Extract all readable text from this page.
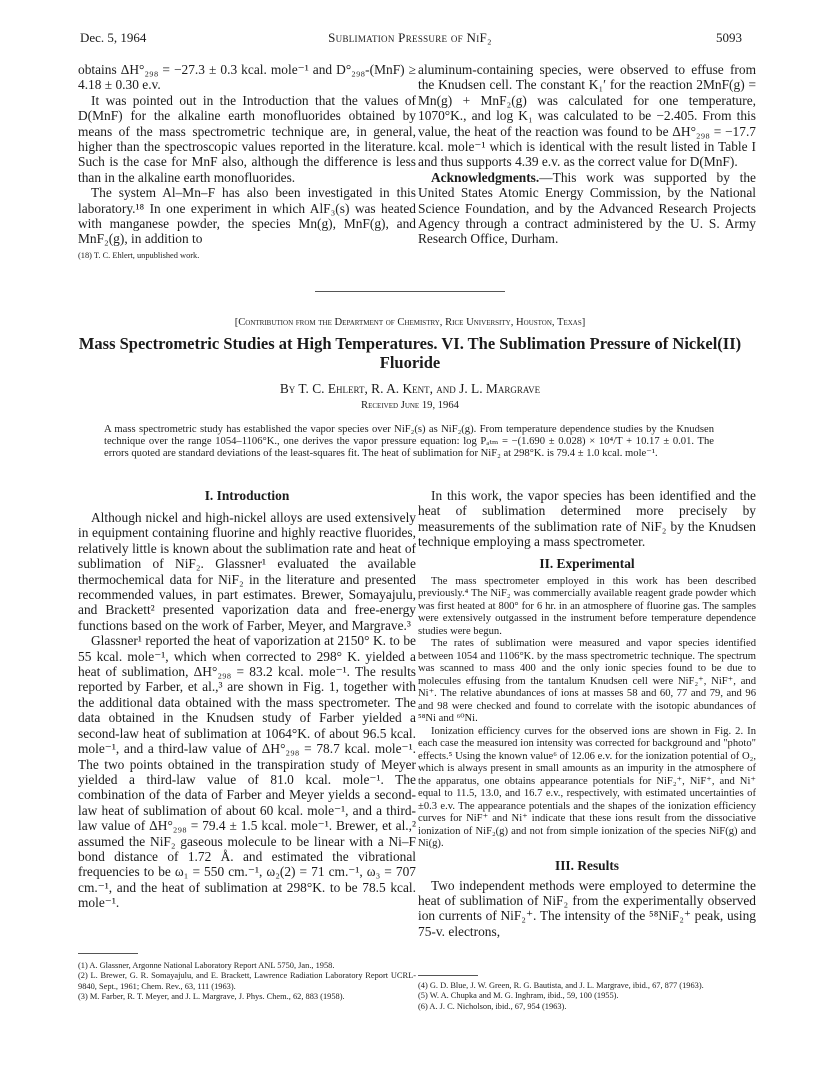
Dec. 5, 1964	Sublimation Pressure of NiF₂	5093

obtains ΔH°₂₉₈ = −27.3 ± 0.3 kcal. mole⁻¹ and D°₂₉₈-(MnF) ≥ 4.18 ± 0.30 e.v.

It was pointed out in the Introduction that the values of D(MnF) for the alkaline earth monofluorides obtained by means of the mass spectrometric technique are, in general, higher than the spectroscopic values reported in the literature. Such is the case for MnF also, although the difference is less than in the alkaline earth monofluorides.

The system Al–Mn–F has also been investigated in this laboratory.¹⁸ In one experiment in which AlF₃(s) was heated with manganese powder, the species Mn(g), MnF(g), and MnF₂(g), in addition to

(18) T. C. Ehlert, unpublished work.

aluminum-containing species, were observed to effuse from the Knudsen cell. The constant K₁′ for the reaction 2MnF(g) = Mn(g) + MnF₂(g) was calculated for one temperature, 1070°K., and log K₁ was calculated to be −2.405. From this value, the heat of the reaction was found to be ΔH°₂₉₈ = −17.7 kcal. mole⁻¹ which is identical with the result listed in Table I and thus supports 4.39 e.v. as the correct value for D(MnF).

Acknowledgments.—This work was supported by the United States Atomic Energy Commission, by the National Science Foundation, and by the Advanced Research Projects Agency through a contract administered by the U. S. Army Research Office, Durham.

[Contribution from the Department of Chemistry, Rice University, Houston, Texas]
Mass Spectrometric Studies at High Temperatures. VI. The Sublimation Pressure of Nickel(II) Fluoride
By T. C. Ehlert, R. A. Kent, and J. L. Margrave
Received June 19, 1964
A mass spectrometric study has established the vapor species over NiF₂(s) as NiF₂(g). From temperature dependence studies by the Knudsen technique over the range 1054–1106°K., one derives the vapor pressure equation: log Pₐₜₘ = −(1.690 ± 0.028) × 10⁴/T + 10.17 ± 0.01. The errors quoted are standard deviations of the least-squares fit. The heat of sublimation for NiF₂ at 298°K. is 79.4 ± 1.0 kcal. mole⁻¹.
I. Introduction

Although nickel and high-nickel alloys are used extensively in equipment containing fluorine and highly reactive fluorides, relatively little is known about the sublimation rate and heat of sublimation of NiF₂. Glassner¹ evaluated the available thermochemical data for NiF₂ in the literature and presented recommended values, in part estimates. Brewer, Somayajulu, and Brackett² presented vaporization data and free-energy functions based on the work of Farber, Meyer, and Margrave.³

Glassner¹ reported the heat of vaporization at 2150° K. to be 55 kcal. mole⁻¹, which when corrected to 298° K. yielded a heat of sublimation, ΔH°₂₉₈ = 83.2 kcal. mole⁻¹. The results reported by Farber, et al.,³ are shown in Fig. 1, together with the additional data obtained with the mass spectrometer. The data obtained in the Knudsen study of Farber yielded a second-law heat of sublimation at 1064°K. of about 96.5 kcal. mole⁻¹, and a third-law value of ΔH°₂₉₈ = 78.7 kcal. mole⁻¹. The two points obtained in the transpiration study of Meyer yielded a third-law value of 81.0 kcal. mole⁻¹. The combination of the data of Farber and Meyer yields a second-law heat of sublimation of about 60 kcal. mole⁻¹, and a third-law value of ΔH°₂₉₈ = 79.4 ± 1.5 kcal. mole⁻¹. Brewer, et al.,² assumed the NiF₂ gaseous molecule to be linear with a Ni–F bond distance of 1.72 Å. and estimated the vibrational frequencies to be ω₁ = 550 cm.⁻¹, ω₂(2) = 71 cm.⁻¹, ω₃ = 707 cm.⁻¹, and the heat of sublimation at 298°K. to be 78.5 kcal. mole⁻¹.

(1) A. Glassner, Argonne National Laboratory Report ANL 5750, Jan., 1958.

(2) L. Brewer, G. R. Somayajulu, and E. Brackett, Lawrence Radiation Laboratory Report UCRL-9840, Sept., 1961; Chem. Rev., 63, 111 (1963).

(3) M. Farber, R. T. Meyer, and J. L. Margrave, J. Phys. Chem., 62, 883 (1958).

In this work, the vapor species has been identified and the heat of sublimation determined more precisely by measurements of the sublimation rate of NiF₂ by the Knudsen technique employing a mass spectrometer.

II. Experimental

The mass spectrometer employed in this work has been described previously.⁴ The NiF₂ was commercially available reagent grade powder which was first heated at 800° for 6 hr. in an atmosphere of fluorine gas. The samples were extensively outgassed in the instrument before temperature dependence studies were begun.

The rates of sublimation were measured and vapor species identified between 1054 and 1106°K. by the mass spectrometric technique. The spectrum was scanned to mass 400 and the only ionic species found to be due to molecules effusing from the tantalum Knudsen cell were NiF₂⁺, NiF⁺, and Ni⁺. The relative abundances of ions at masses 58 and 60, 77 and 79, and 96 and 98 were checked and found to correlate with the isotopic abundances of ⁵⁸Ni and ⁶⁰Ni.

Ionization efficiency curves for the observed ions are shown in Fig. 2. In each case the measured ion intensity was corrected for background and "photo" effects.⁵ Using the known value⁶ of 12.06 e.v. for the ionization potential of O₂, which is always present in small amounts as an impurity in the atmosphere of the apparatus, one obtains appearance potentials for NiF₂⁺, NiF⁺, and Ni⁺ equal to 11.5, 13.0, and 16.7 e.v., respectively, with estimated uncertainties of ±0.3 e.v. The appearance potentials and the shapes of the ionization efficiency curves for NiF⁺ and Ni⁺ indicate that these ions result from the dissociative ionization of NiF₂(g) and not from simple ionization of the species NiF(g) and Ni(g).

III. Results

Two independent methods were employed to determine the heat of sublimation of NiF₂ from the experimentally observed ion currents of NiF₂⁺. The intensity of the ⁵⁸NiF₂⁺ peak, using 75-v. electrons,

(4) G. D. Blue, J. W. Green, R. G. Bautista, and J. L. Margrave, ibid., 67, 877 (1963).

(5) W. A. Chupka and M. G. Inghram, ibid., 59, 100 (1955).

(6) A. J. C. Nicholson, ibid., 67, 954 (1963).
